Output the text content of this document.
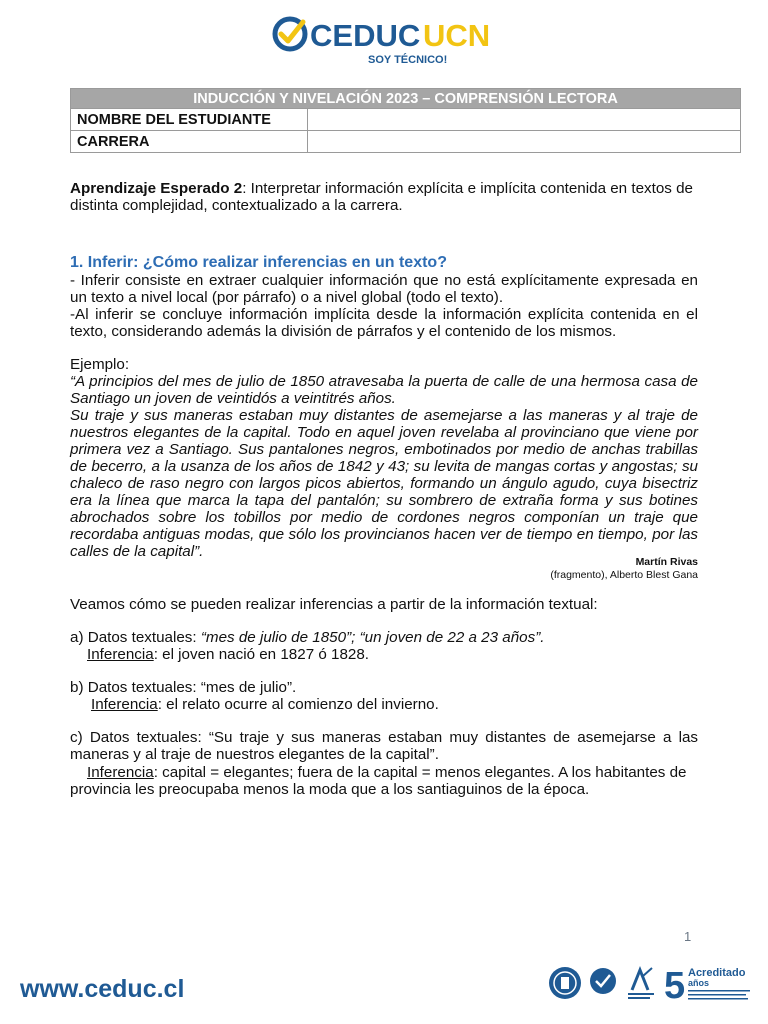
CEDUC UCN
SOY TÉCNICO!
INDUCCIÓN Y NIVELACIÓN 2023 – COMPRENSIÓN LECTORA	
NOMBRE DEL ESTUDIANTE	
CARRERA	
Aprendizaje Esperado 2: Interpretar información explícita e implícita contenida en textos de distinta complejidad, contextualizado a la carrera.
1. Inferir: ¿Cómo realizar inferencias en un texto?
- Inferir consiste en extraer cualquier información que no está explícitamente expresada en un texto a nivel local (por párrafo) o a nivel global (todo el texto).
-Al inferir se concluye información implícita desde la información explícita contenida en el texto, considerando además la división de párrafos y el contenido de los mismos.
Ejemplo:
“A principios del mes de julio de 1850 atravesaba la puerta de calle de una hermosa casa de Santiago un joven de veintidós a veintitrés años.
Su traje y sus maneras estaban muy distantes de asemejarse a las maneras y al traje de nuestros elegantes de la capital. Todo en aquel joven revelaba al provinciano que viene por primera vez a Santiago. Sus pantalones negros, embotinados por medio de anchas trabillas de becerro, a la usanza de los años de 1842 y 43; su levita de mangas cortas y angostas; su chaleco de raso negro con largos picos abiertos, formando un ángulo agudo, cuya bisectriz era la línea que marca la tapa del pantalón; su sombrero de extraña forma y sus botines abrochados sobre los tobillos por medio de cordones negros componían un traje que recordaba antiguas modas, que sólo los provincianos hacen ver de tiempo en tiempo, por las calles de la capital”.
Martín Rivas
(fragmento), Alberto Blest Gana
Veamos cómo se pueden realizar inferencias a partir de la información textual:
a) Datos textuales: “mes de julio de 1850”; “un joven de 22 a 23 años”.
Inferencia: el joven nació en 1827 ó 1828.
b) Datos textuales: “mes de julio”.
Inferencia: el relato ocurre al comienzo del invierno.
c) Datos textuales: “Su traje y sus maneras estaban muy distantes de asemejarse a las maneras y al traje de nuestros elegantes de la capital”.
Inferencia: capital = elegantes; fuera de la capital = menos elegantes. A los habitantes de provincia les preocupaba menos la moda que a los santiaguinos de la época.
1
www.ceduc.cl	5 Acreditado
años
